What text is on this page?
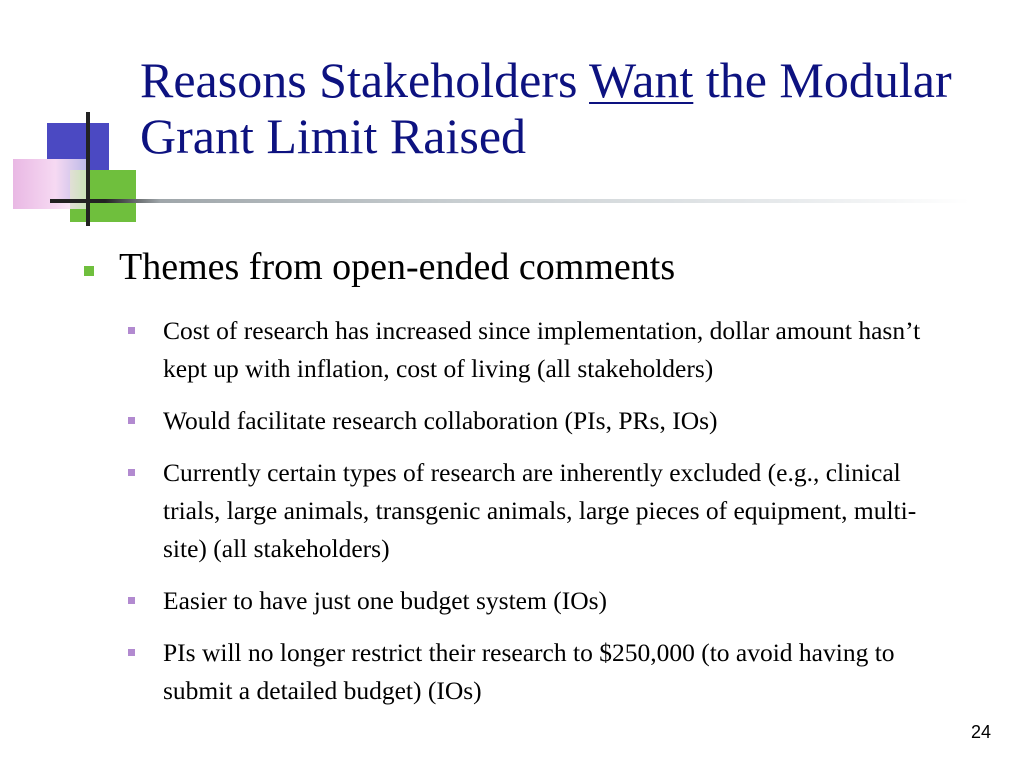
Reasons Stakeholders Want the Modular Grant Limit Raised
Themes from open-ended comments
Cost of research has increased since implementation, dollar amount hasn’t kept up with inflation, cost of living (all stakeholders)
Would facilitate research collaboration (PIs, PRs, IOs)
Currently certain types of research are inherently excluded (e.g., clinical trials, large animals, transgenic animals, large pieces of equipment, multi-site) (all stakeholders)
Easier to have just one budget system (IOs)
PIs will no longer restrict their research to $250,000 (to avoid having to submit a detailed budget) (IOs)
24
